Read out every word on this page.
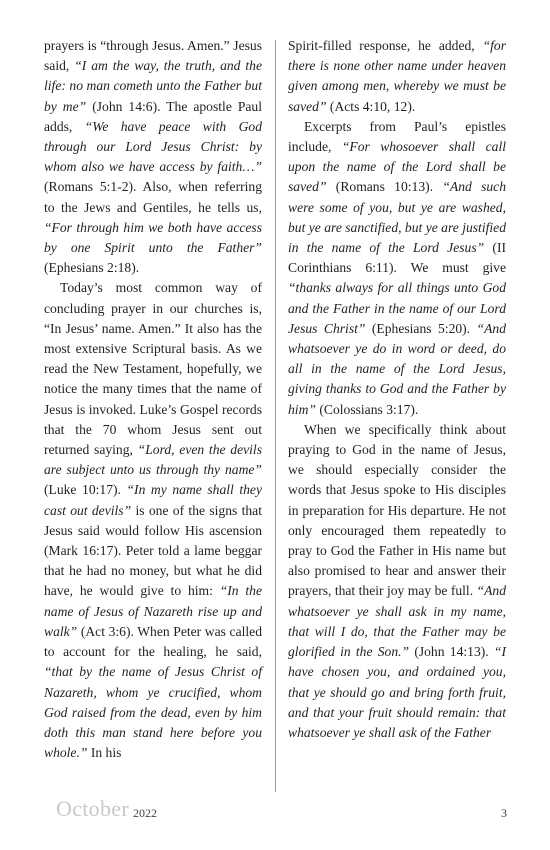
prayers is “through Jesus. Amen.” Jesus said, “I am the way, the truth, and the life: no man cometh unto the Father but by me” (John 14:6). The apostle Paul adds, “We have peace with God through our Lord Jesus Christ: by whom also we have access by faith…” (Romans 5:1-2). Also, when referring to the Jews and Gentiles, he tells us, “For through him we both have access by one Spirit unto the Father” (Ephesians 2:18).

Today’s most common way of concluding prayer in our churches is, “In Jesus’ name. Amen.” It also has the most extensive Scriptural basis. As we read the New Testament, hopefully, we notice the many times that the name of Jesus is invoked. Luke’s Gospel records that the 70 whom Jesus sent out returned saying, “Lord, even the devils are subject unto us through thy name” (Luke 10:17). “In my name shall they cast out devils” is one of the signs that Jesus said would follow His ascension (Mark 16:17). Peter told a lame beggar that he had no money, but what he did have, he would give to him: “In the name of Jesus of Nazareth rise up and walk” (Act 3:6). When Peter was called to account for the healing, he said, “that by the name of Jesus Christ of Nazareth, whom ye crucified, whom God raised from the dead, even by him doth this man stand here before you whole.” In his

Spirit-filled response, he added, “for there is none other name under heaven given among men, whereby we must be saved” (Acts 4:10, 12).

Excerpts from Paul’s epistles include, “For whosoever shall call upon the name of the Lord shall be saved” (Romans 10:13). “And such were some of you, but ye are washed, but ye are sanctified, but ye are justified in the name of the Lord Jesus” (II Corinthians 6:11). We must give “thanks always for all things unto God and the Father in the name of our Lord Jesus Christ” (Ephesians 5:20). “And whatsoever ye do in word or deed, do all in the name of the Lord Jesus, giving thanks to God and the Father by him” (Colossians 3:17).

When we specifically think about praying to God in the name of Jesus, we should especially consider the words that Jesus spoke to His disciples in preparation for His departure. He not only encouraged them repeatedly to pray to God the Father in His name but also promised to hear and answer their prayers, that their joy may be full. “And whatsoever ye shall ask in my name, that will I do, that the Father may be glorified in the Son.” (John 14:13). “I have chosen you, and ordained you, that ye should go and bring forth fruit, and that your fruit should remain: that whatsoever ye shall ask of the Father

October 2022	3
